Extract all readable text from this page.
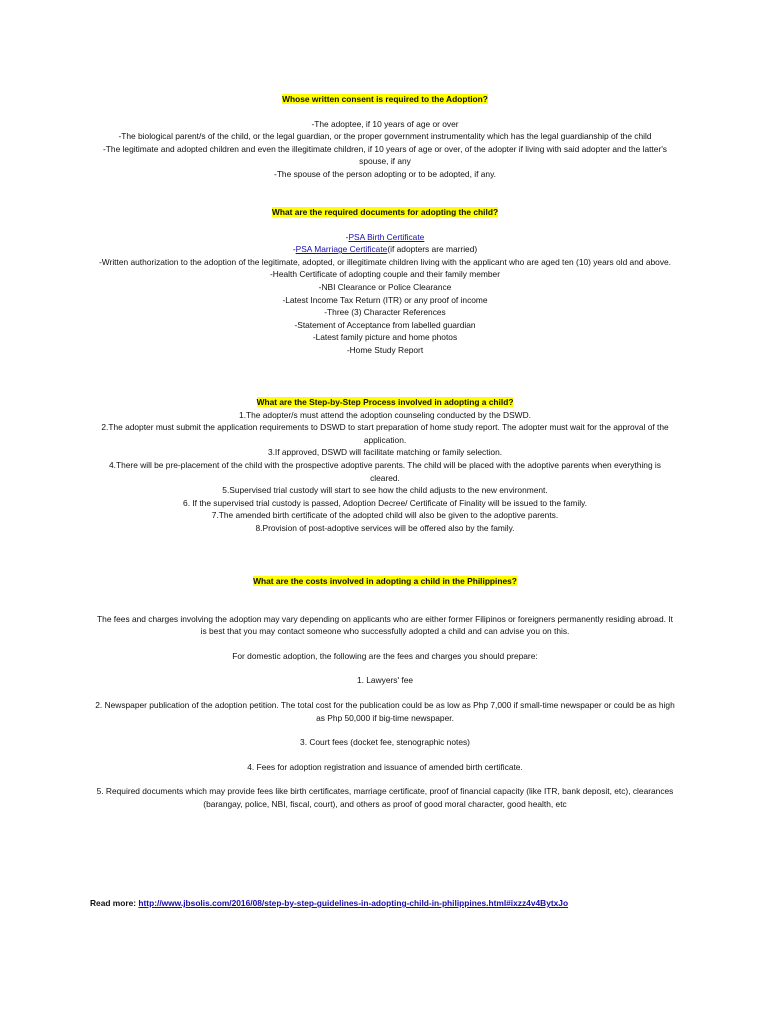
Whose written consent is required to the Adoption?

-The adoptee, if 10 years of age or over

-The biological parent/s of the child, or the legal guardian, or the proper government instrumentality which has the legal guardianship of the child

-The legitimate and adopted children and even the illegitimate children, if 10 years of age or over, of the adopter if living with said adopter and the latter's spouse, if any

-The spouse of the person adopting or to be adopted, if any.

What are the required documents for adopting the child?

-PSA Birth Certificate

-PSA Marriage Certificate(if adopters are married)

-Written authorization to the adoption of the legitimate, adopted, or illegitimate children living with the applicant who are aged ten (10) years old and above.

-Health Certificate of adopting couple and their family member

-NBI Clearance or Police Clearance

-Latest Income Tax Return (ITR) or any proof of income

-Three (3) Character References

-Statement of Acceptance from labelled guardian

-Latest family picture and home photos

-Home Study Report

What are the Step-by-Step Process involved in adopting a child?

1.The adopter/s must attend the adoption counseling conducted by the DSWD.

2.The adopter must submit the application requirements to DSWD to start preparation of home study report. The adopter must wait for the approval of the application.

3.If approved, DSWD will facilitate matching or family selection.

4.There will be pre-placement of the child with the prospective adoptive parents. The child will be placed with the adoptive parents when everything is cleared.

5.Supervised trial custody will start to see how the child adjusts to the new environment.

6. If the supervised trial custody is passed, Adoption Decree/ Certificate of Finality will be issued to the family.

7.The amended birth certificate of the adopted child will also be given to the adoptive parents.

8.Provision of post-adoptive services will be offered also by the family.

What are the costs involved in adopting a child in the Philippines?

The fees and charges involving the adoption may vary depending on applicants who are either former Filipinos or foreigners permanently residing abroad. It is best that you may contact someone who successfully adopted a child and can advise you on this.

For domestic adoption, the following are the fees and charges you should prepare:

1. Lawyers' fee

2. Newspaper publication of the adoption petition. The total cost for the publication could be as low as Php 7,000 if small-time newspaper or could be as high as Php 50,000 if big-time newspaper.

3. Court fees (docket fee, stenographic notes)

4. Fees for adoption registration and issuance of amended birth certificate.

5. Required documents which may provide fees like birth certificates, marriage certificate, proof of financial capacity (like ITR, bank deposit, etc), clearances (barangay, police, NBI, fiscal, court), and others as proof of good moral character, good health, etc

Read more: http://www.jbsolis.com/2016/08/step-by-step-guidelines-in-adopting-child-in-philippines.html#ixzz4v4BytxJo
